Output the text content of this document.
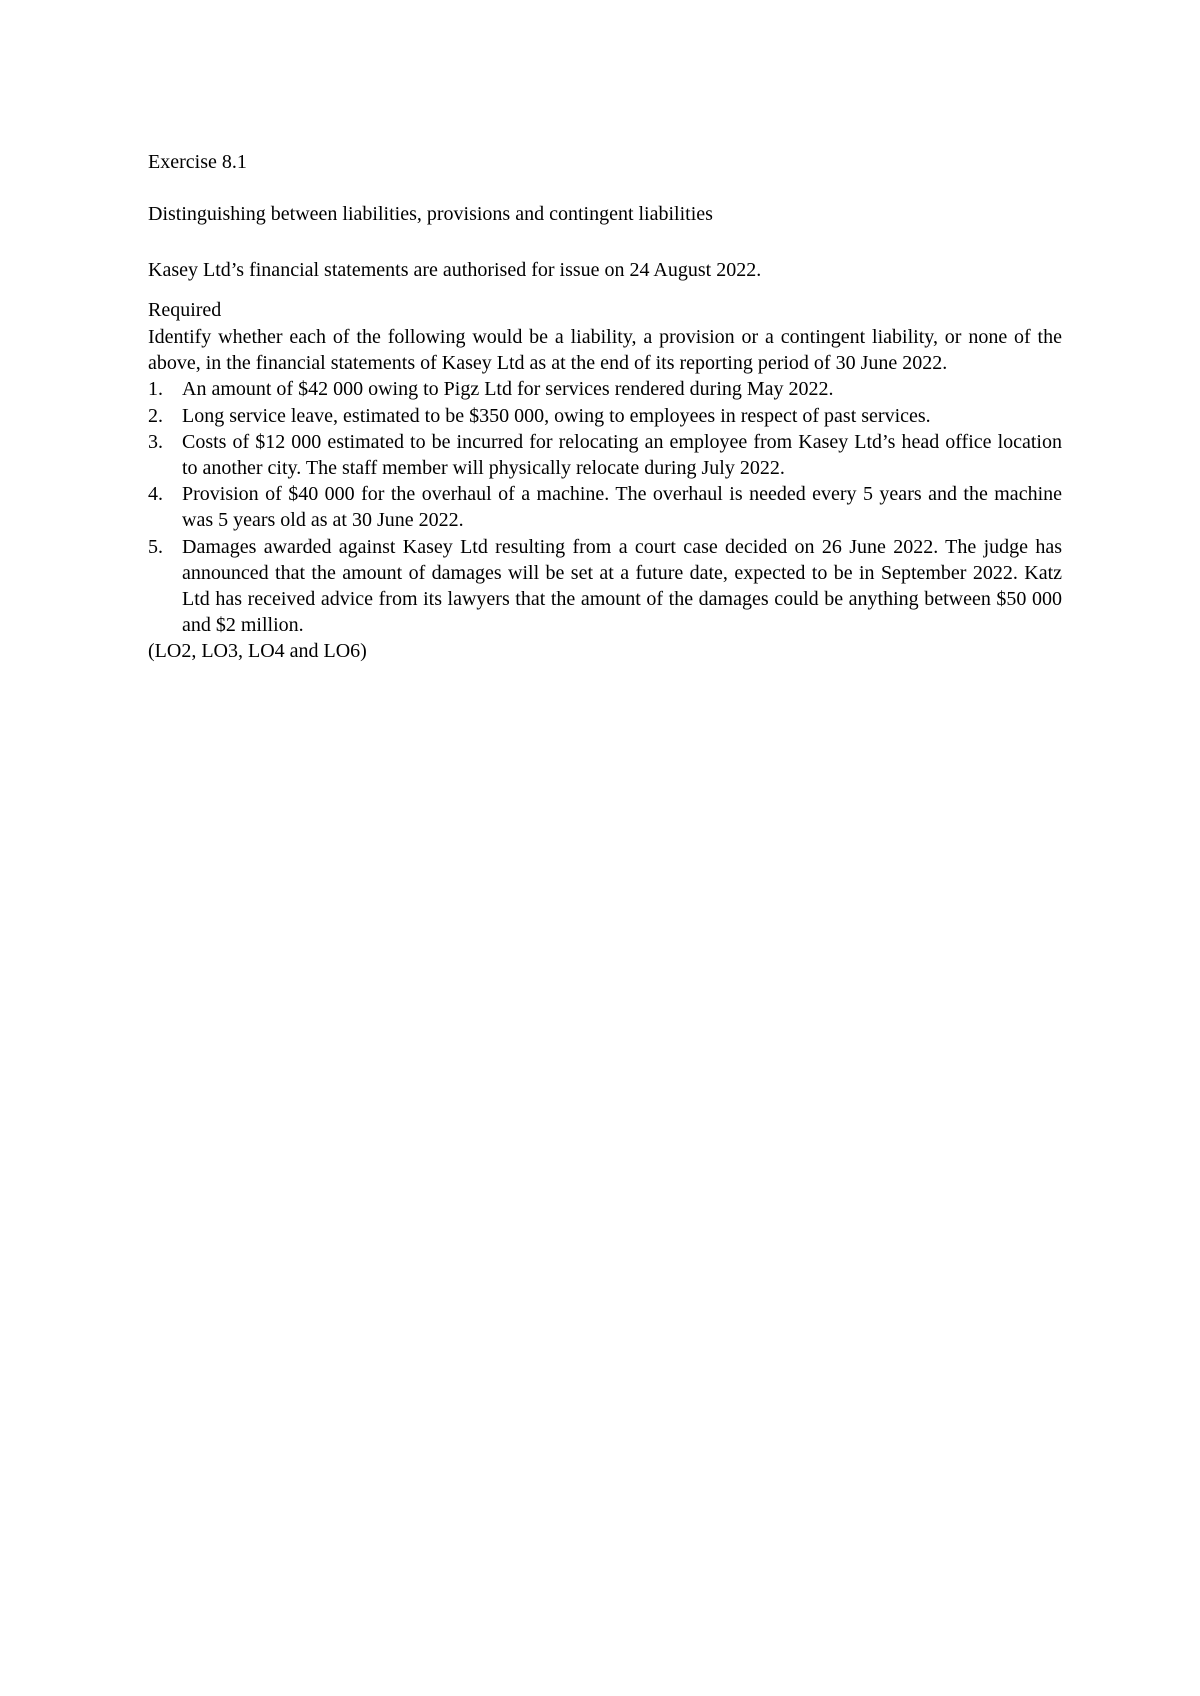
Exercise 8.1
Distinguishing between liabilities, provisions and contingent liabilities

Kasey Ltd’s financial statements are authorised for issue on 24 August 2022.

Required

Identify whether each of the following would be a liability, a provision or a contingent liability, or none of the above, in the financial statements of Kasey Ltd as at the end of its reporting period of 30 June 2022.

1. An amount of $42 000 owing to Pigz Ltd for services rendered during May 2022.
2. Long service leave, estimated to be $350 000, owing to employees in respect of past services.
3. Costs of $12 000 estimated to be incurred for relocating an employee from Kasey Ltd’s head office location to another city. The staff member will physically relocate during July 2022.
4. Provision of $40 000 for the overhaul of a machine. The overhaul is needed every 5 years and the machine was 5 years old as at 30 June 2022.
5. Damages awarded against Kasey Ltd resulting from a court case decided on 26 June 2022. The judge has announced that the amount of damages will be set at a future date, expected to be in September 2022. Katz Ltd has received advice from its lawyers that the amount of the damages could be anything between $50 000 and $2 million.

(LO2, LO3, LO4 and LO6)
